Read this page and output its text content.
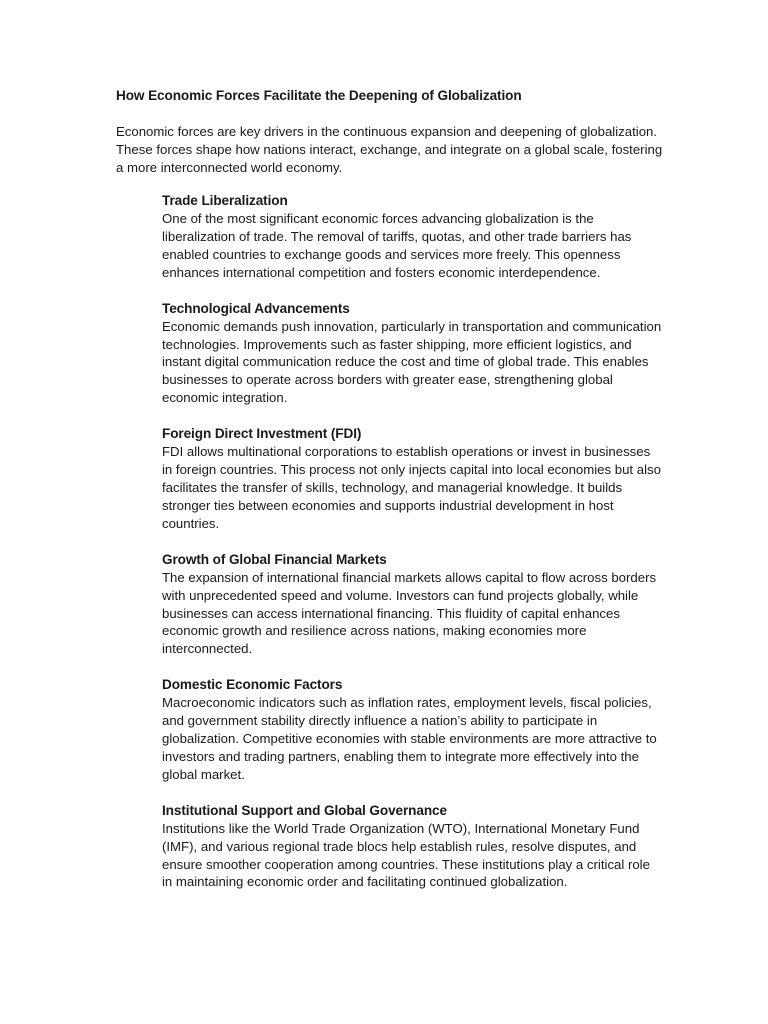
How Economic Forces Facilitate the Deepening of Globalization

Economic forces are key drivers in the continuous expansion and deepening of globalization. These forces shape how nations interact, exchange, and integrate on a global scale, fostering a more interconnected world economy.

Trade Liberalization

One of the most significant economic forces advancing globalization is the liberalization of trade. The removal of tariffs, quotas, and other trade barriers has enabled countries to exchange goods and services more freely. This openness enhances international competition and fosters economic interdependence.

Technological Advancements

Economic demands push innovation, particularly in transportation and communication technologies. Improvements such as faster shipping, more efficient logistics, and instant digital communication reduce the cost and time of global trade. This enables businesses to operate across borders with greater ease, strengthening global economic integration.

Foreign Direct Investment (FDI)

FDI allows multinational corporations to establish operations or invest in businesses in foreign countries. This process not only injects capital into local economies but also facilitates the transfer of skills, technology, and managerial knowledge. It builds stronger ties between economies and supports industrial development in host countries.

Growth of Global Financial Markets

The expansion of international financial markets allows capital to flow across borders with unprecedented speed and volume. Investors can fund projects globally, while businesses can access international financing. This fluidity of capital enhances economic growth and resilience across nations, making economies more interconnected.

Domestic Economic Factors

Macroeconomic indicators such as inflation rates, employment levels, fiscal policies, and government stability directly influence a nation’s ability to participate in globalization. Competitive economies with stable environments are more attractive to investors and trading partners, enabling them to integrate more effectively into the global market.

Institutional Support and Global Governance

Institutions like the World Trade Organization (WTO), International Monetary Fund (IMF), and various regional trade blocs help establish rules, resolve disputes, and ensure smoother cooperation among countries. These institutions play a critical role in maintaining economic order and facilitating continued globalization.
